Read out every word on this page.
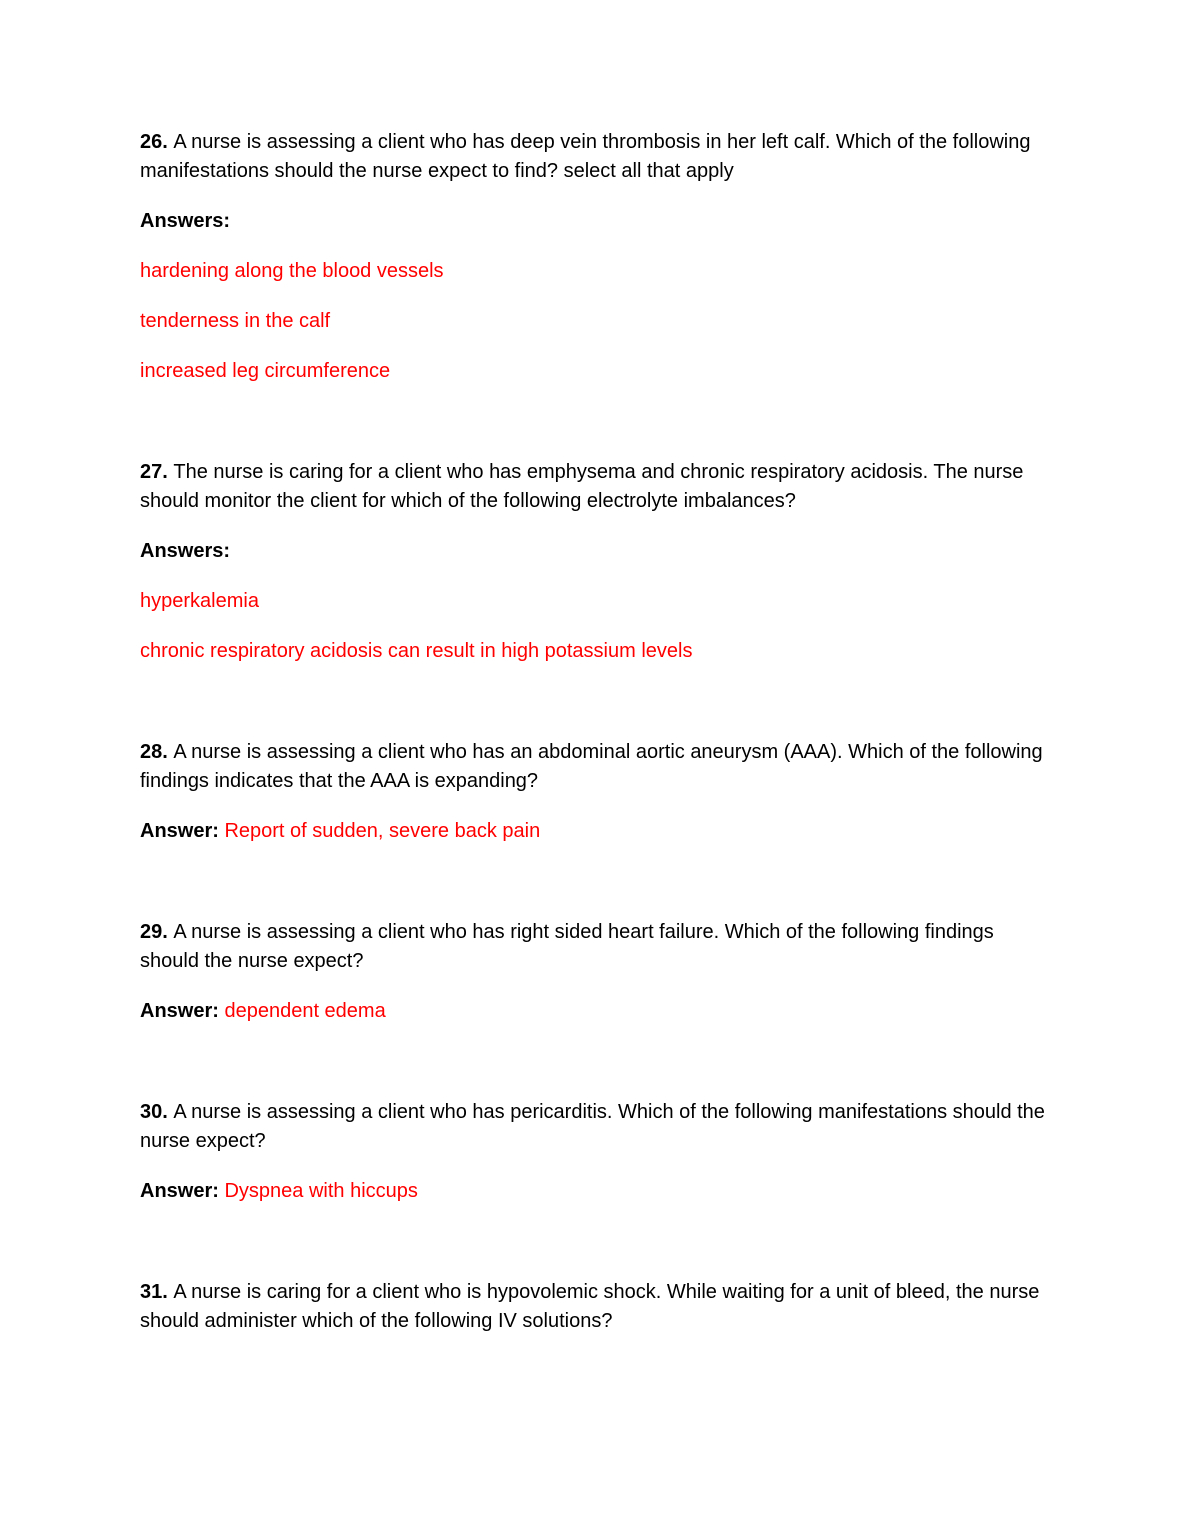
26. A nurse is assessing a client who has deep vein thrombosis in her left calf. Which of the following manifestations should the nurse expect to find? select all that apply

Answers:

hardening along the blood vessels

tenderness in the calf

increased leg circumference

27. The nurse is caring for a client who has emphysema and chronic respiratory acidosis. The nurse should monitor the client for which of the following electrolyte imbalances?

Answers:

hyperkalemia

chronic respiratory acidosis can result in high potassium levels

28. A nurse is assessing a client who has an abdominal aortic aneurysm (AAA). Which of the following findings indicates that the AAA is expanding?

Answer: Report of sudden, severe back pain

29. A nurse is assessing a client who has right sided heart failure. Which of the following findings should the nurse expect?

Answer: dependent edema

30. A nurse is assessing a client who has pericarditis. Which of the following manifestations should the nurse expect?

Answer: Dyspnea with hiccups

31. A nurse is caring for a client who is hypovolemic shock. While waiting for a unit of bleed, the nurse should administer which of the following IV solutions?
